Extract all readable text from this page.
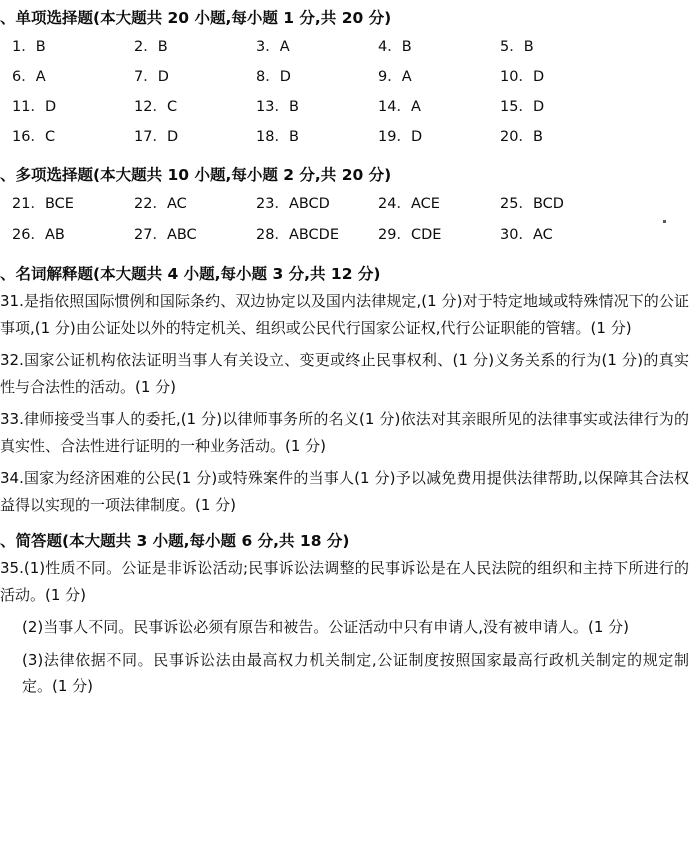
、单项选择题(本大题共 20 小题,每小题 1 分,共 20 分)
1．B	2．B	3．A	4．B	5．B
6．A	7．D	8．D	9．A	10．D
11．D	12．C	13．B	14．A	15．D
16．C	17．D	18．B	19．D	20．B
、多项选择题(本大题共 10 小题,每小题 2 分,共 20 分)
21．BCE	22．AC	23．ABCD	24．ACE	25．BCD
26．AB	27．ABC	28．ABCDE	29．CDE	30．AC
、名词解释题(本大题共 4 小题,每小题 3 分,共 12 分)
31.是指依照国际惯例和国际条约、双边协定以及国内法律规定,(1 分)对于特定地域或特殊情况下的公证事项,(1 分)由公证处以外的特定机关、组织或公民代行国家公证权,代行公证职能的管辖。(1 分)
32.国家公证机构依法证明当事人有关设立、变更或终止民事权利、(1 分)义务关系的行为(1 分)的真实性与合法性的活动。(1 分)
33.律师接受当事人的委托,(1 分)以律师事务所的名义(1 分)依法对其亲眼所见的法律事实或法律行为的真实性、合法性进行证明的一种业务活动。(1 分)
34.国家为经济困难的公民(1 分)或特殊案件的当事人(1 分)予以减免费用提供法律帮助,以保障其合法权益得以实现的一项法律制度。(1 分)
、简答题(本大题共 3 小题,每小题 6 分,共 18 分)
35.(1)性质不同。公证是非诉讼活动;民事诉讼法调整的民事诉讼是在人民法院的组织和主持下所进行的活动。(1 分)
(2)当事人不同。民事诉讼必须有原告和被告。公证活动中只有申请人,没有被申请人。(1 分)
(3)法律依据不同。民事诉讼法由最高权力机关制定,公证制度按照国家最高行政机关制定的规定制定。(1 分)
